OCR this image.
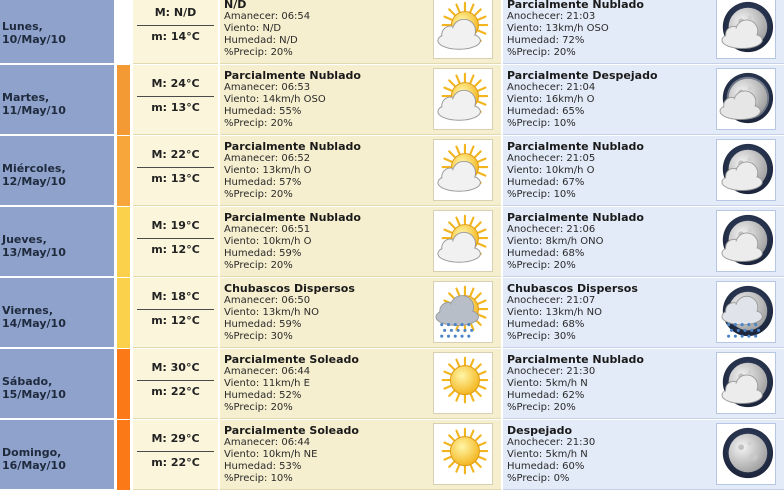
Lunes,
10/May/10
M: N/D
m: 14°C
N/D
Amanecer: 06:54
Viento: N/D
Humedad: N/D
%Precip: 20%
Parcialmente Nublado
Anochecer: 21:03
Viento: 13km/h OSO
Humedad: 72%
%Precip: 20%
Martes,
11/May/10
M: 24°C
m: 13°C
Parcialmente Nublado
Amanecer: 06:53
Viento: 14km/h OSO
Humedad: 55%
%Precip: 20%
Parcialmente Despejado
Anochecer: 21:04
Viento: 16km/h O
Humedad: 65%
%Precip: 10%
Miércoles,
12/May/10
M: 22°C
m: 13°C
Parcialmente Nublado
Amanecer: 06:52
Viento: 13km/h O
Humedad: 57%
%Precip: 20%
Parcialmente Nublado
Anochecer: 21:05
Viento: 10km/h O
Humedad: 67%
%Precip: 10%
Jueves,
13/May/10
M: 19°C
m: 12°C
Parcialmente Nublado
Amanecer: 06:51
Viento: 10km/h O
Humedad: 59%
%Precip: 20%
Parcialmente Nublado
Anochecer: 21:06
Viento: 8km/h ONO
Humedad: 68%
%Precip: 20%
Viernes,
14/May/10
M: 18°C
m: 12°C
Chubascos Dispersos
Amanecer: 06:50
Viento: 13km/h NO
Humedad: 59%
%Precip: 30%
Chubascos Dispersos
Anochecer: 21:07
Viento: 13km/h NO
Humedad: 68%
%Precip: 30%
Sábado,
15/May/10
M: 30°C
m: 22°C
Parcialmente Soleado
Amanecer: 06:44
Viento: 11km/h E
Humedad: 52%
%Precip: 20%
Parcialmente Nublado
Anochecer: 21:30
Viento: 5km/h N
Humedad: 62%
%Precip: 20%
Domingo,
16/May/10
M: 29°C
m: 22°C
Parcialmente Soleado
Amanecer: 06:44
Viento: 10km/h NE
Humedad: 53%
%Precip: 10%
Despejado
Anochecer: 21:30
Viento: 5km/h N
Humedad: 60%
%Precip: 0%
